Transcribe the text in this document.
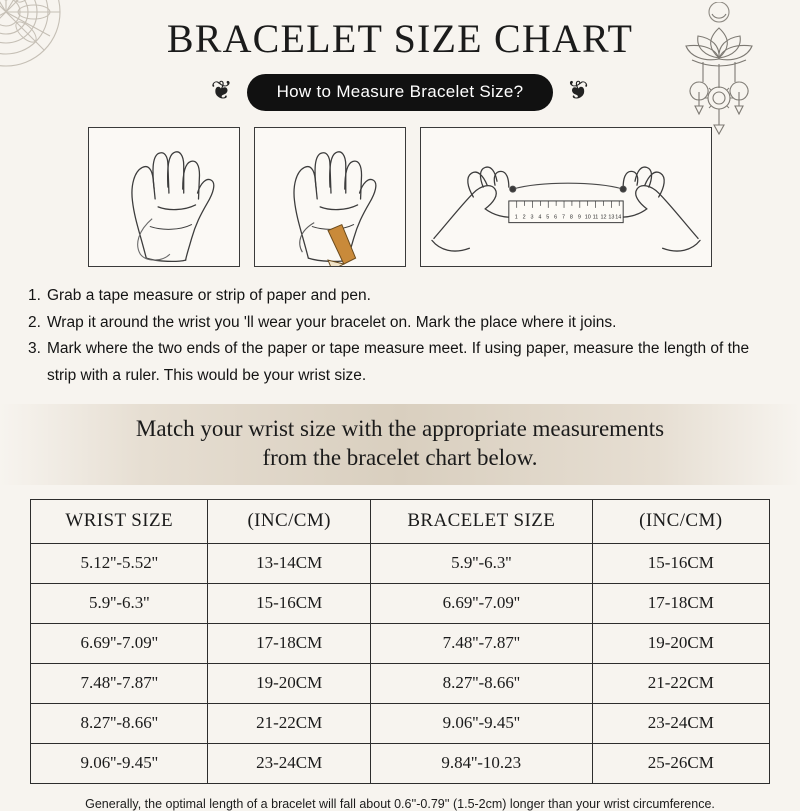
BRACELET SIZE CHART
❦	How to Measure Bracelet Size?	❦
1 2 3 4 5 6 7 8 9 10 11 12 13 14
1. Grab a tape measure or strip of paper and pen.
2. Wrap it around the wrist you 'll wear your bracelet on. Mark the place where it joins.
3. Mark where the two ends of the paper or tape measure meet. If using paper, measure the length of the strip with a ruler. This would be your wrist size.
Match your wrist size with the appropriate measurements
from the bracelet chart below.
WRIST SIZE	(INC/CM)	BRACELET SIZE	(INC/CM)
5.12''-5.52''	13-14CM	5.9''-6.3''	15-16CM
5.9''-6.3''	15-16CM	6.69''-7.09''	17-18CM
6.69''-7.09''	17-18CM	7.48''-7.87''	19-20CM
7.48''-7.87''	19-20CM	8.27''-8.66''	21-22CM
8.27''-8.66''	21-22CM	9.06''-9.45''	23-24CM
9.06''-9.45''	23-24CM	9.84''-10.23	25-26CM
Generally, the optimal length of a bracelet will fall about 0.6''-0.79'' (1.5-2cm) longer than your wrist circumference.
